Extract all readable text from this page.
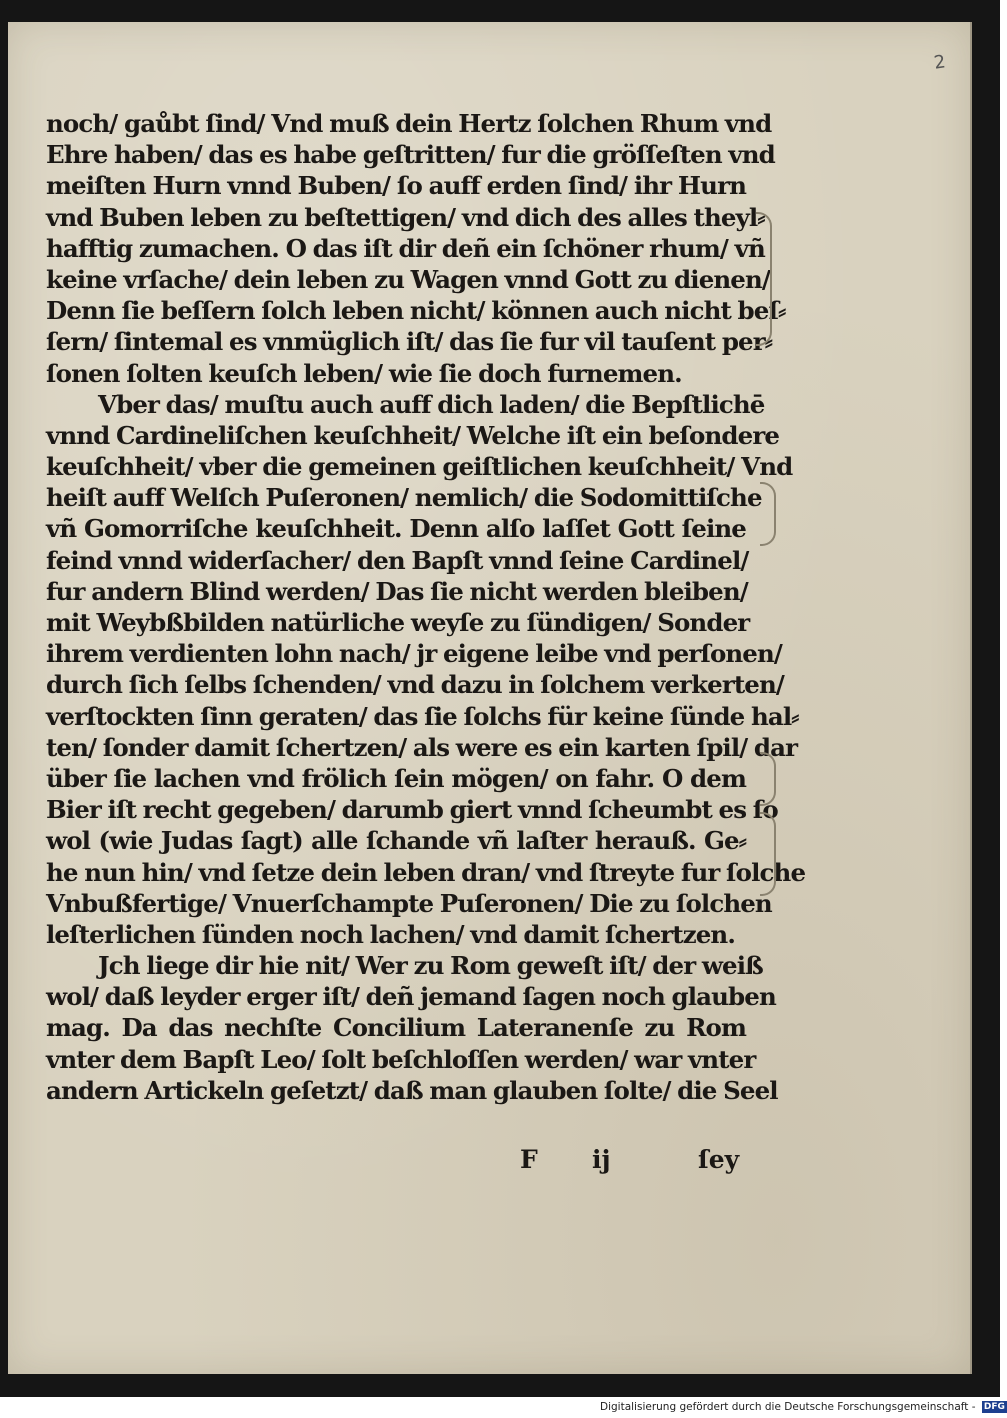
2
noch/ gaůbt ſind/ Vnd muß dein Hertz ſolchen Rhum vnd
Ehre haben/ das es habe geſtritten/ fur die gröſſeſten vnd
meiſten Hurn vnnd Buben/ ſo auff erden ſind/ ihr Hurn
vnd Buben leben zu beſtettigen/ vnd dich des alles theyl⸗
hafftig zumachen. O das iſt dir deñ ein ſchöner rhum/ vñ
keine vrſache/ dein leben zu Wagen vnnd Gott zu dienen/
Denn ſie beſſern ſolch leben nicht/ können auch nicht beſ⸗
ſern/ ſintemal es vnmüglich iſt/ das ſie fur vil tauſent per⸗
ſonen ſolten keuſch leben/ wie ſie doch furnemen.
Vber das/ muſtu auch auff dich laden/ die Bepſtlichē
vnnd Cardineliſchen keuſchheit/ Welche iſt ein beſondere
keuſchheit/ vber die gemeinen geiſtlichen keuſchheit/ Vnd
heiſt auff Welſch Puſeronen/ nemlich/ die Sodomittiſche
vñ Gomorriſche keuſchheit. Denn alſo laſſet Gott ſeine
feind vnnd widerſacher/ den Bapſt vnnd ſeine Cardinel/
fur andern Blind werden/ Das ſie nicht werden bleiben/
mit Weybßbilden natürliche weyſe zu ſündigen/ Sonder
ihrem verdienten lohn nach/ jr eigene leibe vnd perſonen/
durch ſich ſelbs ſchenden/ vnd dazu in ſolchem verkerten/
verſtockten ſinn geraten/ das ſie ſolchs für keine ſünde hal⸗
ten/ ſonder damit ſchertzen/ als were es ein karten ſpil/ dar
über ſie lachen vnd frölich ſein mögen/ on fahr. O dem
Bier iſt recht gegeben/ darumb giert vnnd ſcheumbt es ſo
wol (wie Judas ſagt) alle ſchande vñ laſter herauß. Ge⸗
he nun hin/ vnd ſetze dein leben dran/ vnd ſtreyte fur ſolche
Vnbußfertige/ Vnuerſchampte Puſeronen/ Die zu ſolchen
leſterlichen ſünden noch lachen/ vnd damit ſchertzen.
Jch liege dir hie nit/ Wer zu Rom geweſt iſt/ der weiß
wol/ daß leyder erger iſt/ deñ jemand ſagen noch glauben
mag. Da das nechſte Concilium Lateranenſe zu Rom
vnter dem Bapſt Leo/ ſolt beſchloſſen werden/ war vnter
andern Artickeln geſetzt/ daß man glauben ſolte/ die Seel
F ij	ſey
Digitalisierung gefördert durch die Deutsche Forschungsgemeinschaft - DFG
